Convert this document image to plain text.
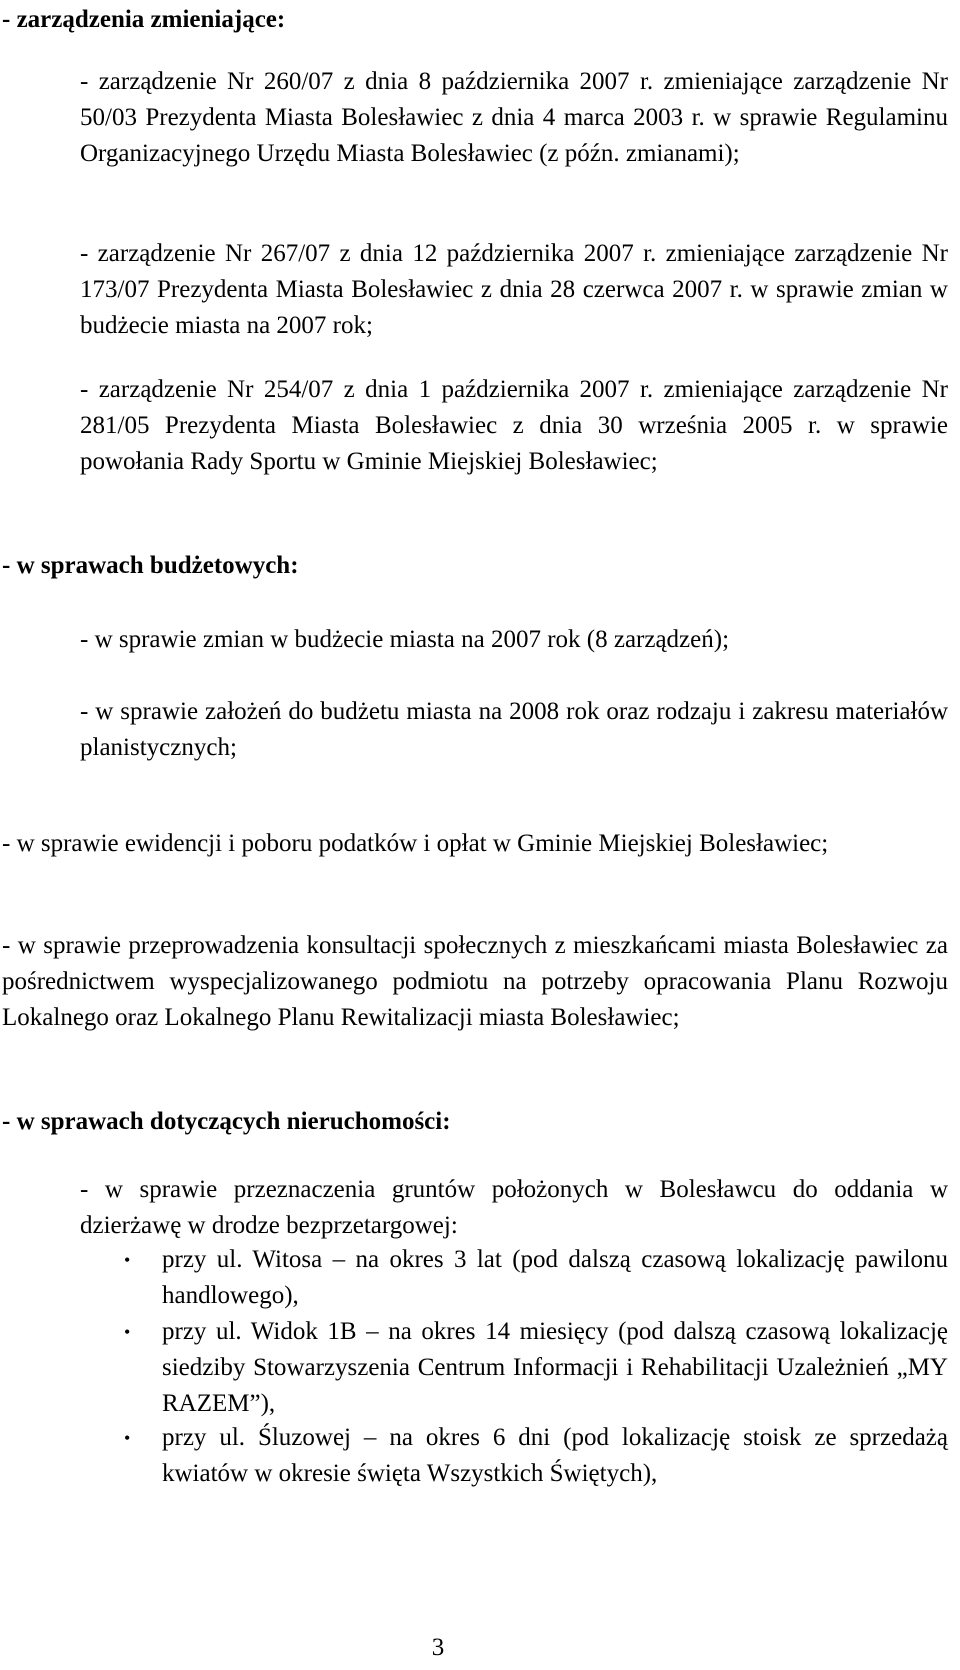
- zarządzenia zmieniające:

- zarządzenie Nr 260/07 z dnia 8 października 2007 r. zmieniające zarządzenie Nr 50/03 Prezydenta Miasta Bolesławiec z dnia 4 marca 2003 r. w sprawie Regulaminu Organizacyjnego Urzędu Miasta Bolesławiec (z późn. zmianami);

- zarządzenie Nr 267/07 z dnia 12 października 2007 r. zmieniające zarządzenie Nr 173/07 Prezydenta Miasta Bolesławiec z dnia 28 czerwca 2007 r. w sprawie zmian w budżecie miasta na 2007 rok;

- zarządzenie Nr 254/07 z dnia 1 października 2007 r. zmieniające zarządzenie Nr 281/05 Prezydenta Miasta Bolesławiec z dnia 30 września 2005 r. w sprawie powołania Rady Sportu w Gminie Miejskiej Bolesławiec;

- w sprawach budżetowych:

- w sprawie zmian w budżecie miasta na 2007 rok (8 zarządzeń);

- w sprawie założeń do budżetu miasta na 2008 rok oraz rodzaju i zakresu materiałów planistycznych;

- w sprawie ewidencji i poboru podatków i opłat w Gminie Miejskiej Bolesławiec;

- w sprawie przeprowadzenia konsultacji społecznych z mieszkańcami miasta Bolesławiec za pośrednictwem wyspecjalizowanego podmiotu na potrzeby opracowania Planu Rozwoju Lokalnego oraz Lokalnego Planu Rewitalizacji miasta Bolesławiec;

- w sprawach dotyczących nieruchomości:

- w sprawie przeznaczenia gruntów położonych w Bolesławcu do oddania w dzierżawę w drodze bezprzetargowej:

• przy ul. Witosa – na okres 3 lat (pod dalszą czasową lokalizację pawilonu handlowego),
• przy ul. Widok 1B – na okres 14 miesięcy (pod dalszą czasową lokalizację siedziby Stowarzyszenia Centrum Informacji i Rehabilitacji Uzależnień „MY RAZEM”),
• przy ul. Śluzowej – na okres 6 dni (pod lokalizację stoisk ze sprzedażą kwiatów w okresie święta Wszystkich Świętych),
3
